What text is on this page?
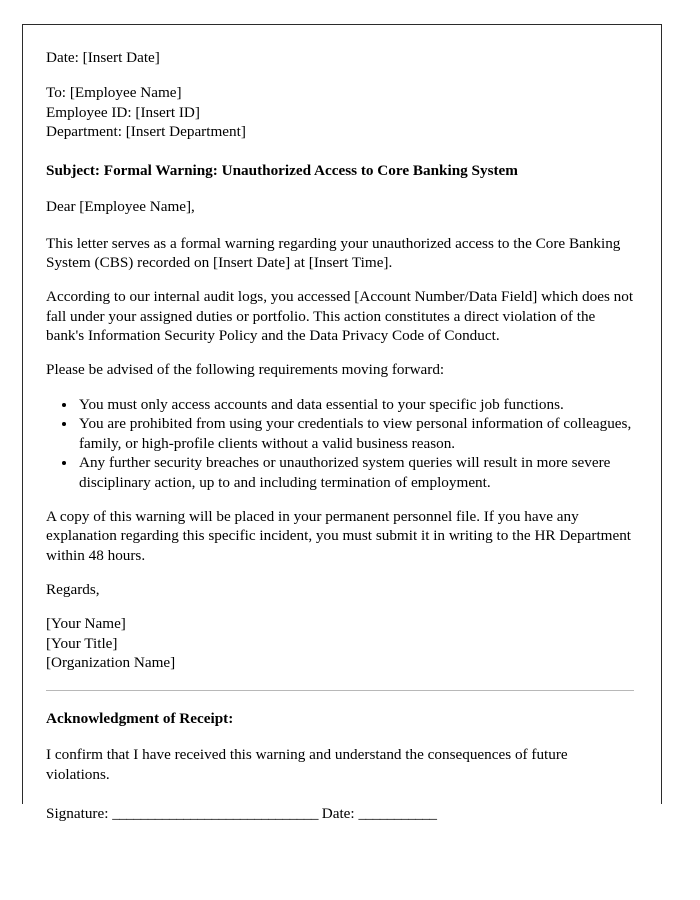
Date: [Insert Date]
To: [Employee Name]
Employee ID: [Insert ID]
Department: [Insert Department]

Subject: Formal Warning: Unauthorized Access to Core Banking System

Dear [Employee Name],

This letter serves as a formal warning regarding your unauthorized access to the Core Banking System (CBS) recorded on [Insert Date] at [Insert Time].

According to our internal audit logs, you accessed [Account Number/Data Field] which does not fall under your assigned duties or portfolio. This action constitutes a direct violation of the bank's Information Security Policy and the Data Privacy Code of Conduct.

Please be advised of the following requirements moving forward:

• You must only access accounts and data essential to your specific job functions.
• You are prohibited from using your credentials to view personal information of colleagues, family, or high-profile clients without a valid business reason.
• Any further security breaches or unauthorized system queries will result in more severe disciplinary action, up to and including termination of employment.

A copy of this warning will be placed in your permanent personnel file. If you have any explanation regarding this specific incident, you must submit it in writing to the HR Department within 48 hours.

Regards,

[Your Name]
[Your Title]
[Organization Name]

Acknowledgment of Receipt:

I confirm that I have received this warning and understand the consequences of future violations.

Signature: _____________________________ Date: ___________
